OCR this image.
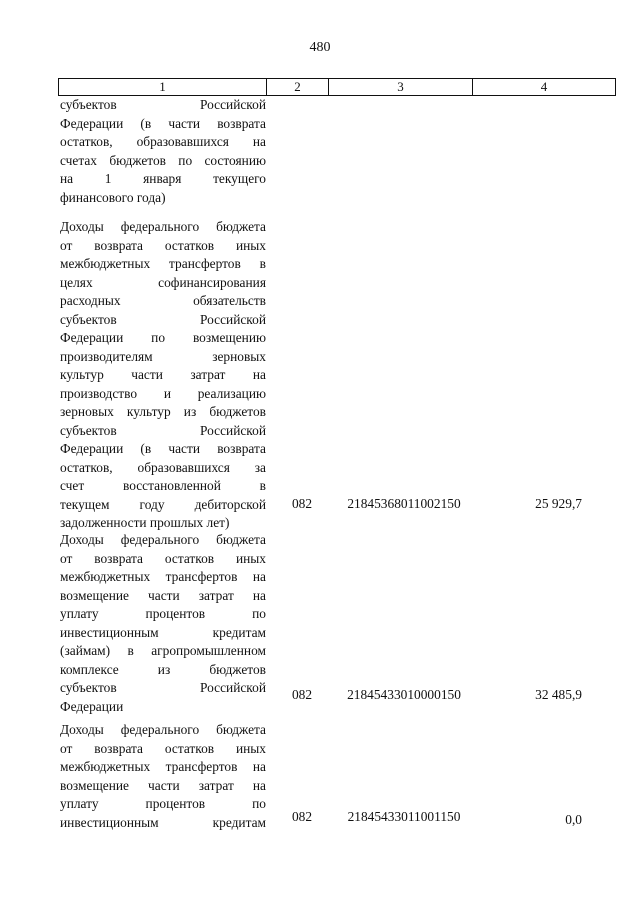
480
1	2	3	4
субъектов Российской
Федерации (в части возврата
остатков, образовавшихся на
счетах бюджетов по состоянию
на 1 января текущего
финансового года)
Доходы федерального бюджета
от возврата остатков иных
межбюджетных трансфертов в
целях софинансирования
расходных обязательств
субъектов Российской
Федерации по возмещению
производителям зерновых
культур части затрат на
производство и реализацию
зерновых культур из бюджетов
субъектов Российской
Федерации (в части возврата
остатков, образовавшихся за
счет восстановленной в
текущем году дебиторской
задолженности прошлых лет)
082	21845368011002150	25 929,7
Доходы федерального бюджета
от возврата остатков иных
межбюджетных трансфертов на
возмещение части затрат на
уплату процентов по
инвестиционным кредитам
(займам) в агропромышленном
комплексе из бюджетов
субъектов Российской
Федерации
082	21845433010000150	32 485,9
Доходы федерального бюджета
от возврата остатков иных
межбюджетных трансфертов на
возмещение части затрат на
уплату процентов по
инвестиционным кредитам	082	21845433011001150	0,0
